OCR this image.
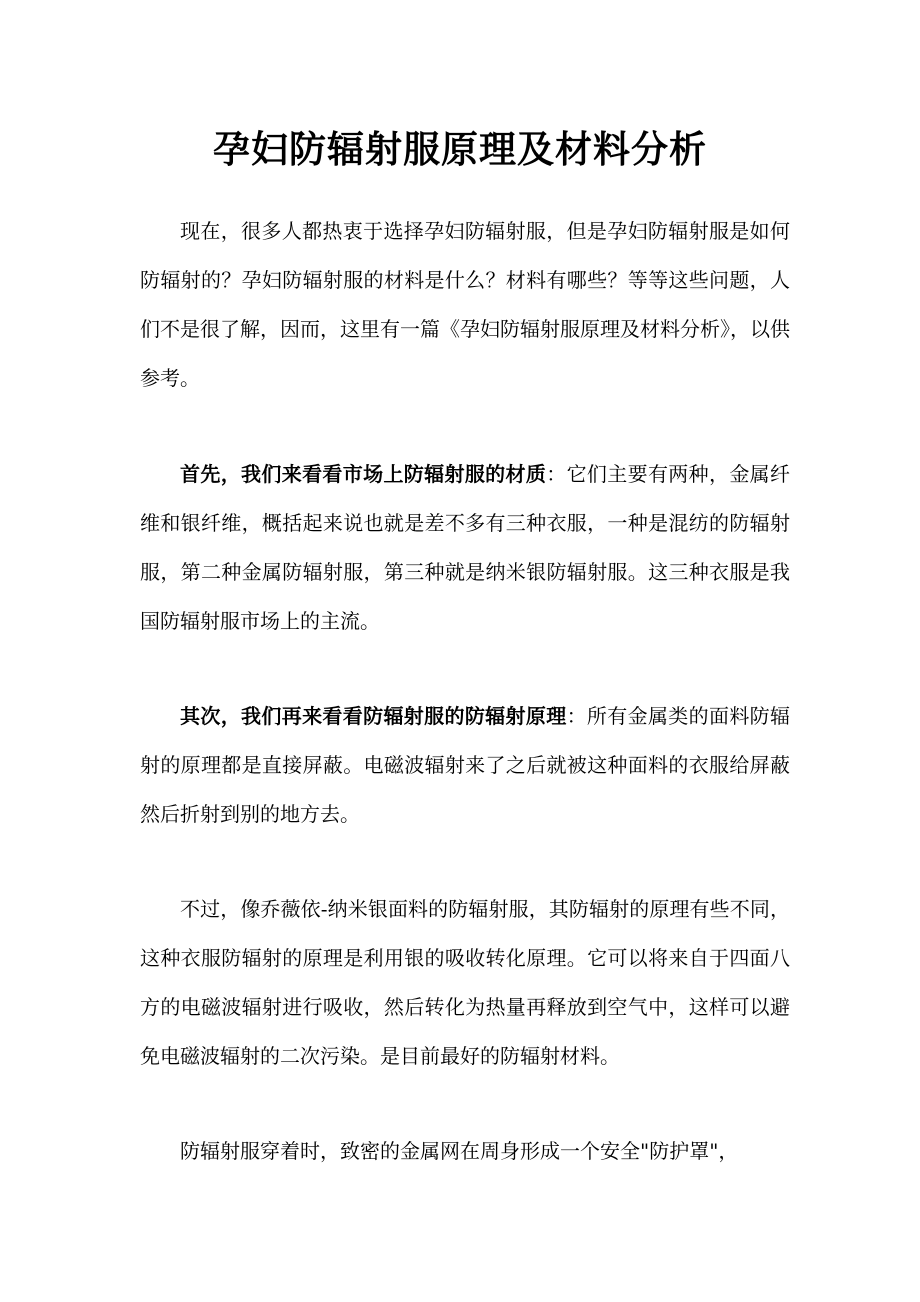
孕妇防辐射服原理及材料分析

现在，很多人都热衷于选择孕妇防辐射服，但是孕妇防辐射服是如何防辐射的？孕妇防辐射服的材料是什么？材料有哪些？等等这些问题，人们不是很了解，因而，这里有一篇《孕妇防辐射服原理及材料分析》，以供参考。

首先，我们来看看市场上防辐射服的材质：它们主要有两种，金属纤维和银纤维，概括起来说也就是差不多有三种衣服，一种是混纺的防辐射服，第二种金属防辐射服，第三种就是纳米银防辐射服。这三种衣服是我国防辐射服市场上的主流。

其次，我们再来看看防辐射服的防辐射原理：所有金属类的面料防辐射的原理都是直接屏蔽。电磁波辐射来了之后就被这种面料的衣服给屏蔽然后折射到别的地方去。

不过，像乔薇依-纳米银面料的防辐射服，其防辐射的原理有些不同，这种衣服防辐射的原理是利用银的吸收转化原理。它可以将来自于四面八方的电磁波辐射进行吸收，然后转化为热量再释放到空气中，这样可以避免电磁波辐射的二次污染。是目前最好的防辐射材料。

防辐射服穿着时，致密的金属网在周身形成一个安全"防护罩"，
